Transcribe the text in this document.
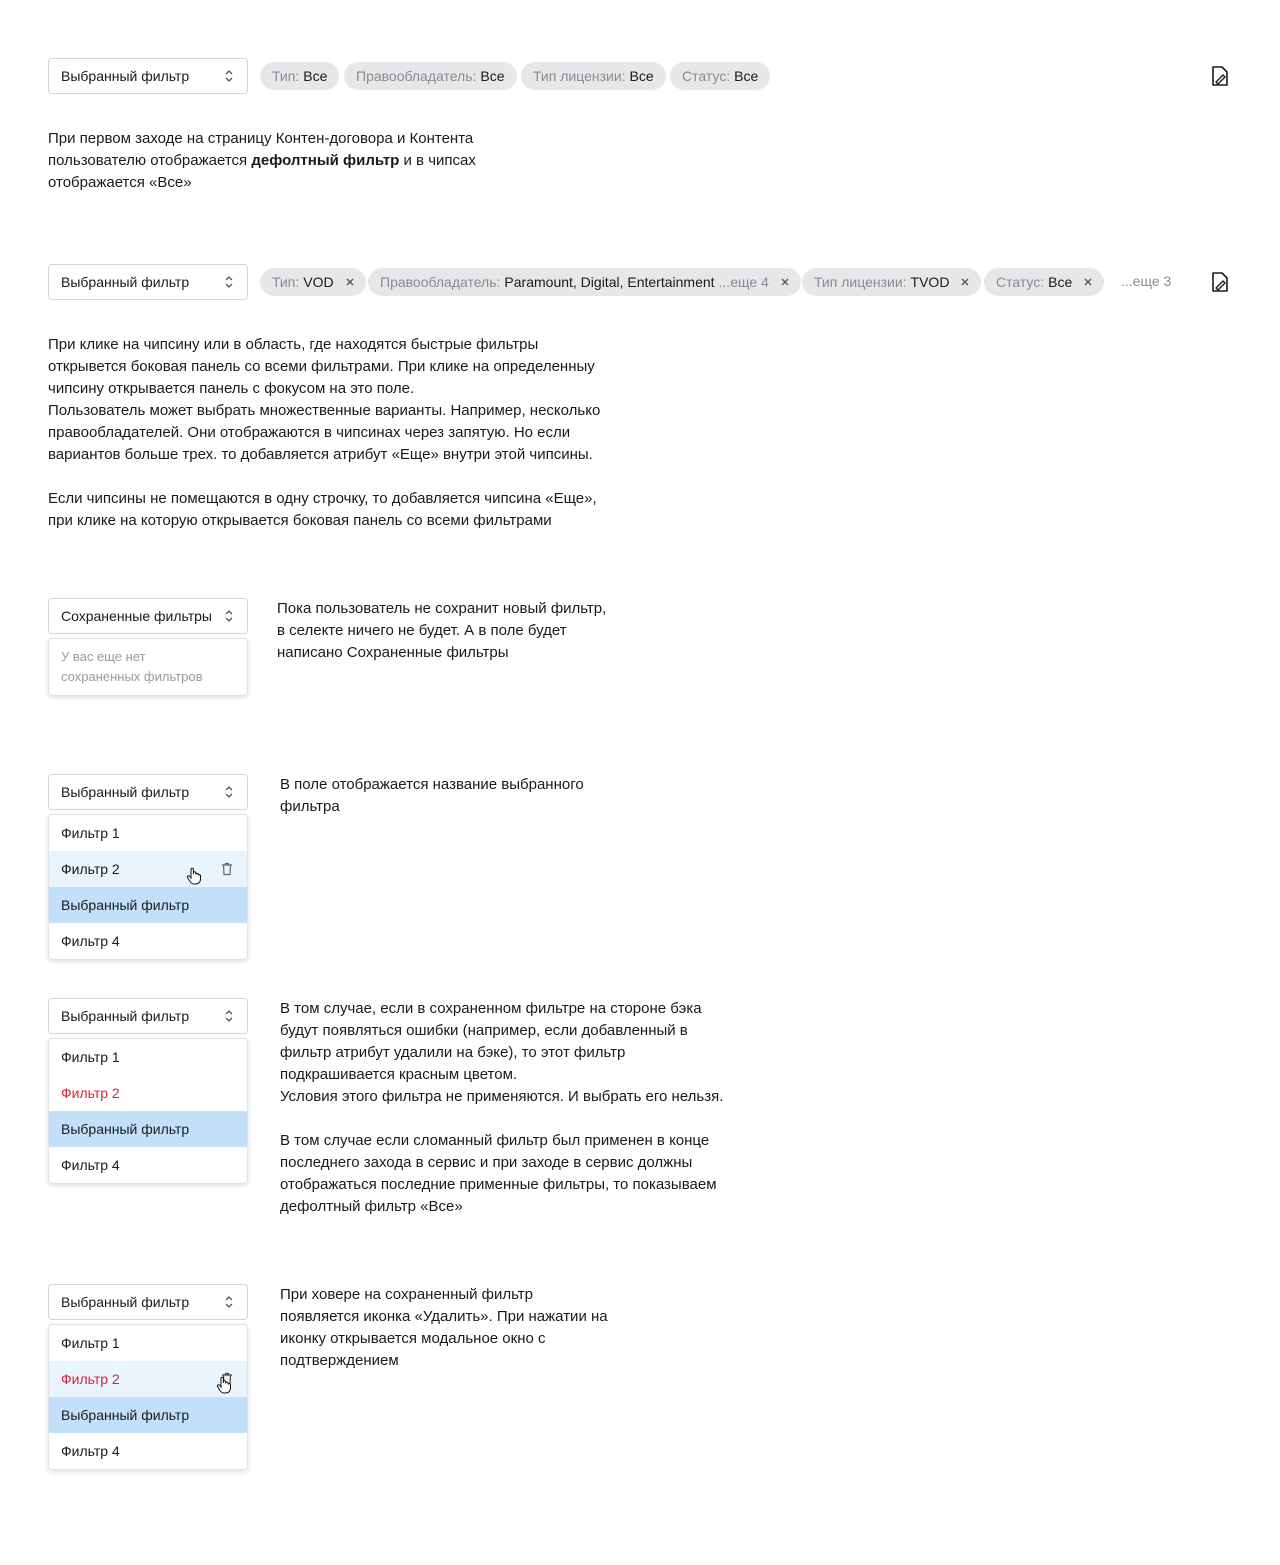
Выбранный фильтр	Тип: Все Правообладатель: Все Тип лицензии: Все Статус: Все
При первом заходе на страницу Контен-договора и Контента
пользователю отображается дефолтный фильтр и в чипсах
отображается «Все»
Выбранный фильтр	Тип: VOD	Правообладатель: Paramount, Digital, Entertainment ...еще 4	Тип лицензии: TVOD	Статус: Все	...еще 3
При клике на чипсину или в область, где находятся быстрые фильтры
открывется боковая панель со всеми фильтрами. При клике на определенныу
чипсину открывается панель с фокусом на это поле.
Пользователь может выбрать множественные варианты. Например, несколько
правообладателей. Они отображаются в чипсинах через запятую. Но если
вариантов больше трех. то добавляется атрибут «Еще» внутри этой чипсины.
Если чипсины не помещаются в одну строчку, то добавляется чипсина «Еще»,
при клике на которую открывается боковая панель со всеми фильтрами
Сохраненные фильтры
У вас еще нет
сохраненных фильтров
Пока пользователь не сохранит новый фильтр,
в селекте ничего не будет. А в поле будет
написано Сохраненные фильтры
Выбранный фильтр
Фильтр 1
Фильтр 2
Выбранный фильтр
Фильтр 4
В поле отображается название выбранного
фильтра
Выбранный фильтр
Фильтр 1
Фильтр 2
Выбранный фильтр
Фильтр 4
В том случае, если в сохраненном фильтре на стороне бэка
будут появляться ошибки (например, если добавленный в
фильтр атрибут удалили на бэке), то этот фильтр
подкрашивается красным цветом.
Условия этого фильтра не применяются. И выбрать его нельзя.
В том случае если сломанный фильтр был применен в конце
последнего захода в сервис и при заходе в сервис должны
отображаться последние применные фильтры, то показываем
дефолтный фильтр «Все»
Выбранный фильтр
Фильтр 1
Фильтр 2
Выбранный фильтр
Фильтр 4
При ховере на сохраненный фильтр
появляется иконка «Удалить». При нажатии на
иконку открывается модальное окно с
подтверждением
